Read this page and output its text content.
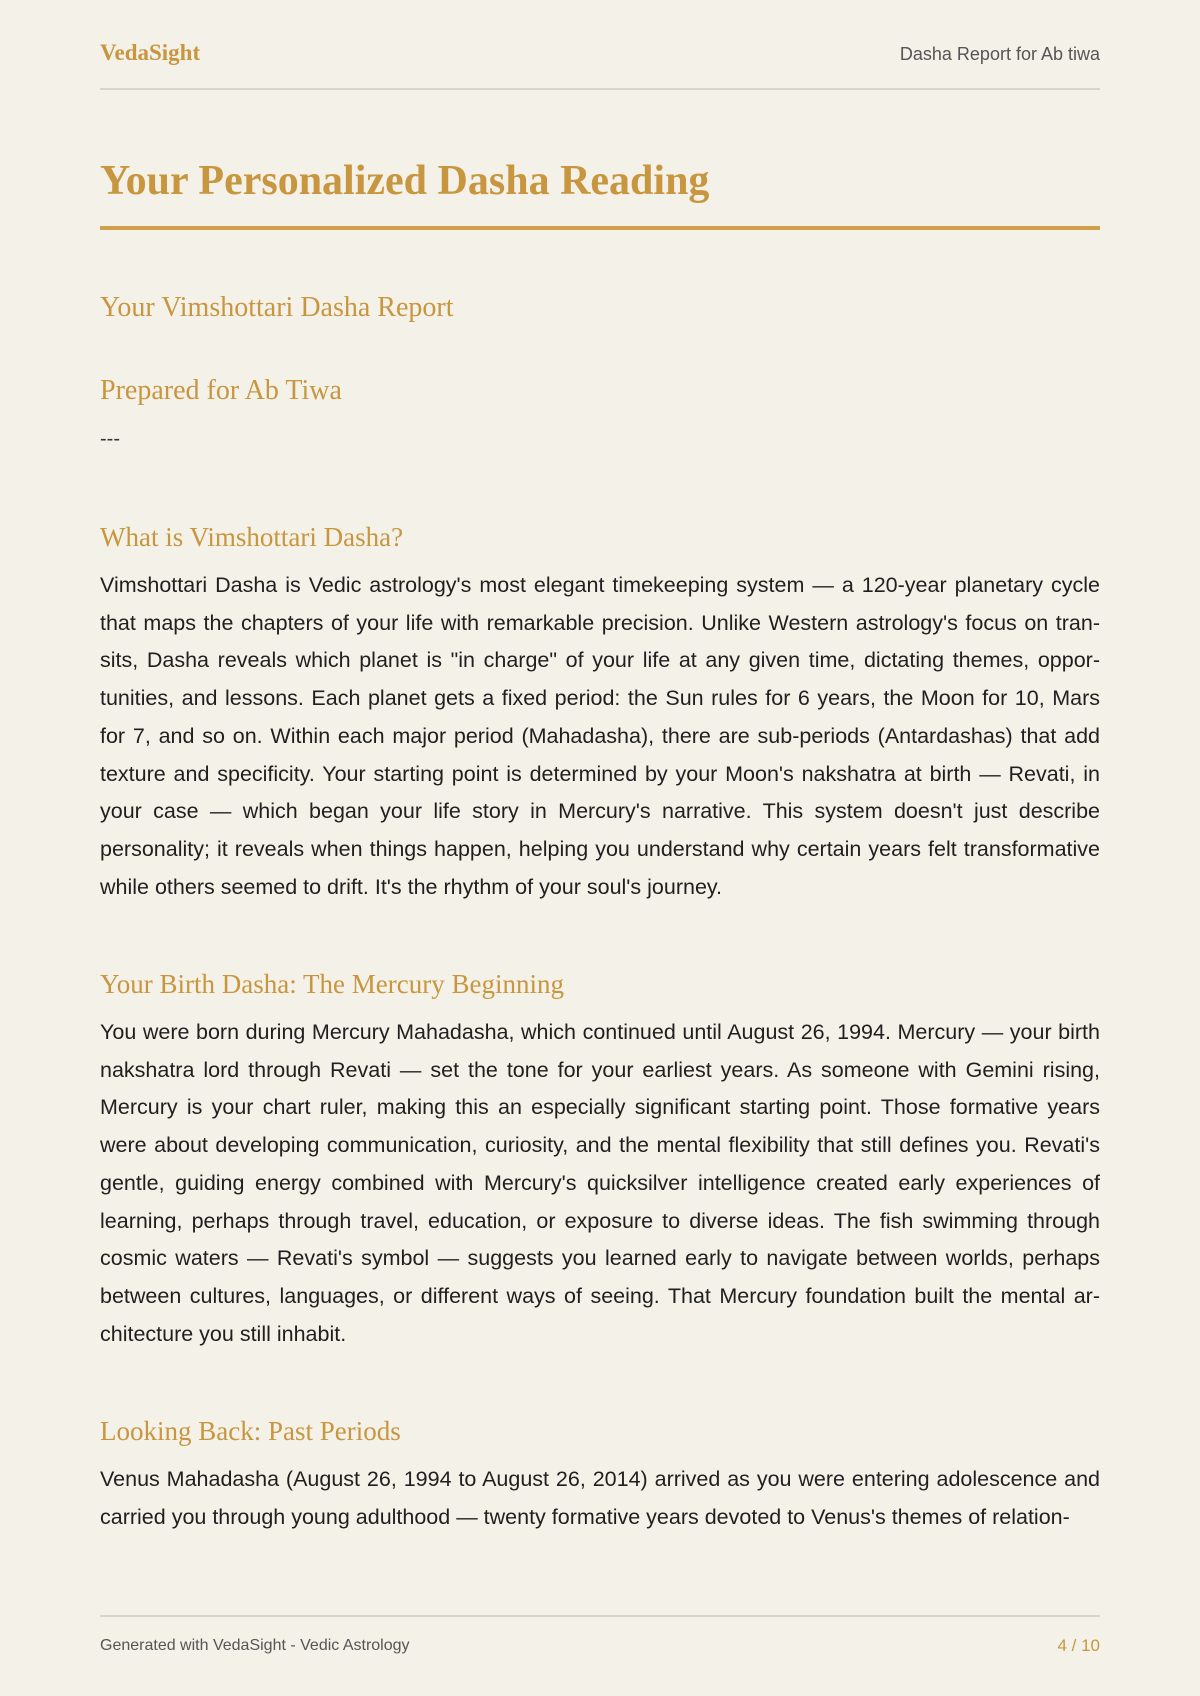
VedaSight	Dasha Report for Ab tiwa
Your Personalized Dasha Reading
Your Vimshottari Dasha Report
Prepared for Ab Tiwa
---
What is Vimshottari Dasha?

Vimshottari Dasha is Vedic astrology's most elegant timekeeping system — a 120-year planetary cycle that maps the chapters of your life with remarkable precision. Unlike Western astrology's focus on transits, Dasha reveals which planet is "in charge" of your life at any given time, dictating themes, opportunities, and lessons. Each planet gets a fixed period: the Sun rules for 6 years, the Moon for 10, Mars for 7, and so on. Within each major period (Mahadasha), there are sub-periods (Antardashas) that add texture and specificity. Your starting point is determined by your Moon's nakshatra at birth — Revati, in your case — which began your life story in Mercury's narrative. This system doesn't just describe personality; it reveals when things happen, helping you understand why certain years felt transformative while others seemed to drift. It's the rhythm of your soul's journey.

Your Birth Dasha: The Mercury Beginning

You were born during Mercury Mahadasha, which continued until August 26, 1994. Mercury — your birth nakshatra lord through Revati — set the tone for your earliest years. As someone with Gemini rising, Mercury is your chart ruler, making this an especially significant starting point. Those formative years were about developing communication, curiosity, and the mental flexibility that still defines you. Revati's gentle, guiding energy combined with Mercury's quicksilver intelligence created early experiences of learning, perhaps through travel, education, or exposure to diverse ideas. The fish swimming through cosmic waters — Revati's symbol — suggests you learned early to navigate between worlds, perhaps between cultures, languages, or different ways of seeing. That Mercury foundation built the mental architecture you still inhabit.

Looking Back: Past Periods

Venus Mahadasha (August 26, 1994 to August 26, 2014) arrived as you were entering adolescence and carried you through young adulthood — twenty formative years devoted to Venus's themes of relation-

Generated with VedaSight - Vedic Astrology	4 / 10
